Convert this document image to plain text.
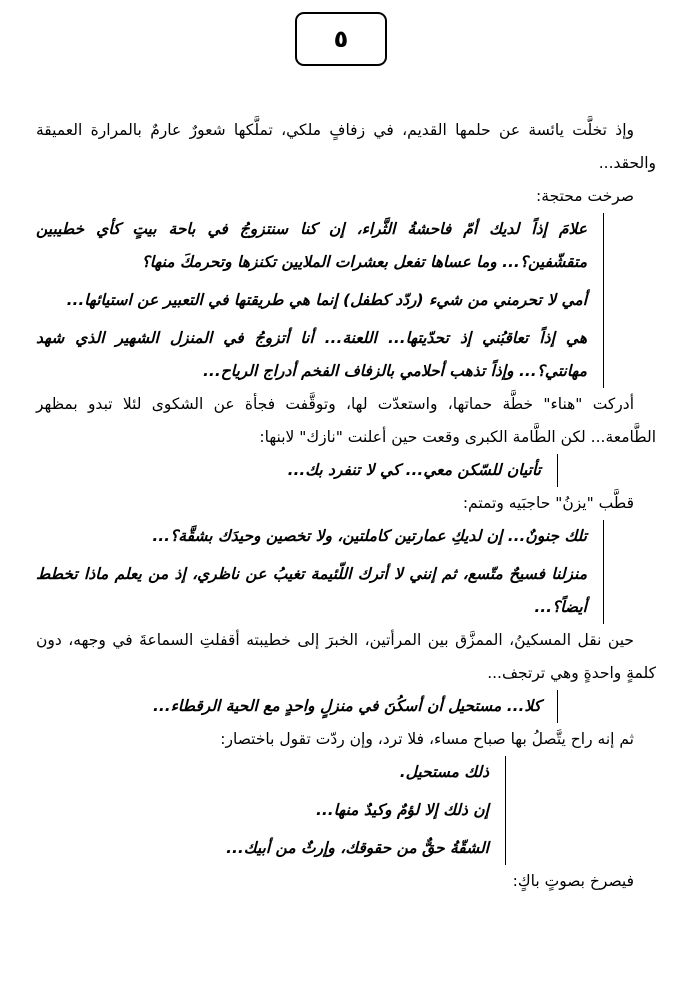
٥

وإذ تخلَّت يائسة عن حلمها القديم، في زفافٍ ملكي، تملَّكها شعورٌ عارمٌ بالمرارة العميقة والحقد...

صرخت محتجة:

علامَ إذاً لديك أمّ فاحشةُ الثَّراء، إن كنا سنتزوجُ في باحة بيتٍ كأي خطيبين متقشّفين؟... وما عساها تفعل بعشرات الملايين تكنزها وتحرمكَ منها؟

أمي لا تحرمني من شيء (ردّد كطفل) إنما هي طريقتها في التعبير عن استيائها...

هي إذاً تعاقبُني إذ تحدّيتها... اللعنة... أنا أتزوجُ في المنزل الشهير الذي شهد مهانتي؟... وإذاً تذهب أحلامي بالزفاف الفخم أدراج الرياح...

أدركت "هناء" خطَّة حماتها، واستعدّت لها، وتوقَّفت فجأة عن الشكوى لئلا تبدو بمظهر الطَّامعة... لكن الطَّامة الكبرى وقعت حين أعلنت "نازك" لابنها:

تأتيان للسّكن معي... كي لا تنفرد بك...

قطَّب "يزنُ" حاجبَيه وتمتم:

تلك جنونٌ... إن لديكِ عمارتين كاملتين، ولا تخصين وحيدَك بشقَّة؟...

منزلنا فسيحٌ متّسع، ثم إنني لا أترك اللّئيمة تغيبُ عن ناظري، إذ من يعلم ماذا تخطط أيضاً؟...

حين نقل المسكينُ، الممزَّق بين المرأتين، الخبرَ إلى خطيبته أقفلتِ السماعةَ في وجهه، دون كلمةٍ واحدةٍ وهي ترتجف...

كلا... مستحيل أن أسكُنَ في منزلٍ واحدٍ مع الحية الرقطاء...

ثم إنه راح يتَّصلُ بها صباح مساء، فلا ترد، وإن ردّت تقول باختصار:

ذلك مستحيل.

إن ذلك إلا لؤمٌ وكيدٌ منها...

الشقّةُ حقٌّ من حقوقك، وإرثٌ من أبيك...

فيصرخ بصوتٍ باكٍ:
